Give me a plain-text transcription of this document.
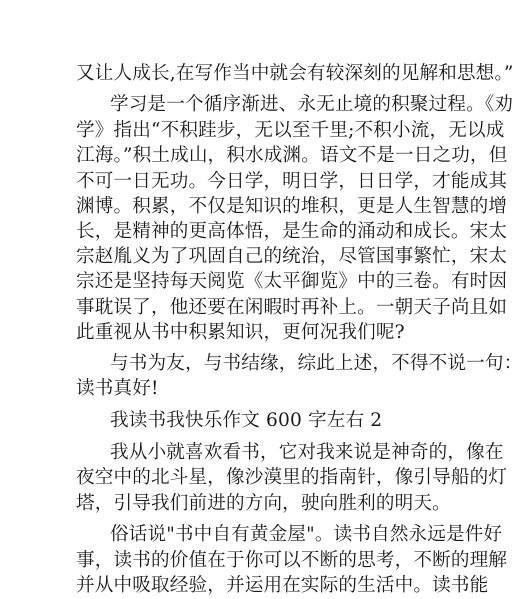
又让人成长,在写作当中就会有较深刻的见解和思想。”
学习是一个循序渐进、永无止境的积聚过程。《劝
学》指出“不积跬步，无以至千里;不积小流，无以成
江海。”积土成山，积水成渊。语文不是一日之功，但
不可一日无功。今日学，明日学，日日学，才能成其
渊博。积累，不仅是知识的堆积，更是人生智慧的增
长，是精神的更高体悟，是生命的涌动和成长。宋太
宗赵胤义为了巩固自己的统治，尽管国事繁忙，宋太
宗还是坚持每天阅览《太平御览》中的三卷。有时因
事耽误了，他还要在闲暇时再补上。一朝天子尚且如
此重视从书中积累知识，更何况我们呢?
与书为友，与书结缘，综此上述，不得不说一句：
读书真好!
我读书我快乐作文 600 字左右 2
我从小就喜欢看书，它对我来说是神奇的，像在
夜空中的北斗星，像沙漠里的指南针，像引导船的灯
塔，引导我们前进的方向，驶向胜利的明天。
俗话说"书中自有黄金屋"。读书自然永远是件好
事，读书的价值在于你可以不断的思考，不断的理解
并从中吸取经验，并运用在实际的生活中。读书能
